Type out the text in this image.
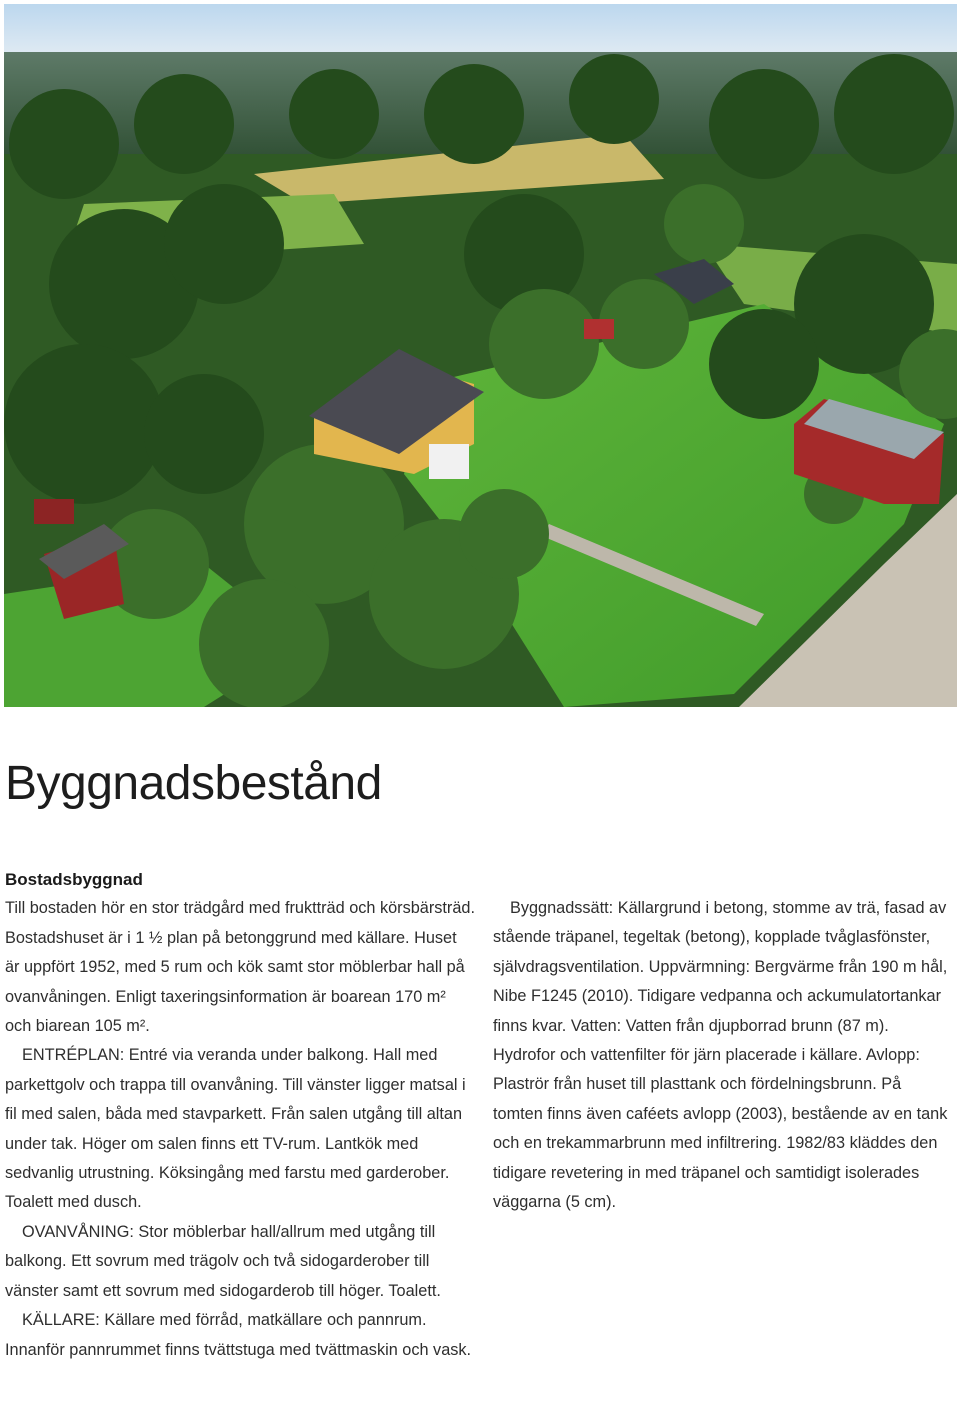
Byggnadsbestånd
Bostadsbyggnad

Till bostaden hör en stor trädgård med fruktträd och körsbärsträd. Bostadshuset är i 1 ½ plan på betonggrund med källare. Huset är uppfört 1952, med 5 rum och kök samt stor möblerbar hall på ovanvåningen. Enligt taxeringsinformation är boarean 170 m² och biarean 105 m².

ENTRÉPLAN: Entré via veranda under balkong. Hall med parkettgolv och trappa till ovanvåning. Till vänster ligger matsal i fil med salen, båda med stavparkett. Från salen utgång till altan under tak. Höger om salen finns ett TV-rum. Lantkök med sedvanlig utrustning. Köksingång med farstu med garderober. Toalett med dusch.

OVANVÅNING: Stor möblerbar hall/allrum med utgång till balkong. Ett sovrum med trägolv och två sidogarderober till vänster samt ett sovrum med sidogarderob till höger. Toalett.

KÄLLARE: Källare med förråd, matkällare och pannrum. Innanför pannrummet finns tvättstuga med tvättmaskin och vask.

Byggnadssätt: Källargrund i betong, stomme av trä, fasad av stående träpanel, tegeltak (betong), kopplade tvåglasfönster, självdragsventilation. Uppvärmning: Bergvärme från 190 m hål, Nibe F1245 (2010). Tidigare vedpanna och ackumulatortankar finns kvar. Vatten: Vatten från djupborrad brunn (87 m). Hydrofor och vattenfilter för järn placerade i källare. Avlopp: Plaströr från huset till plasttank och fördelningsbrunn. På tomten finns även caféets avlopp (2003), bestående av en tank och en trekammarbrunn med infiltrering. 1982/83 kläddes den tidigare revetering in med träpanel och samtidigt isolerades väggarna (5 cm).
